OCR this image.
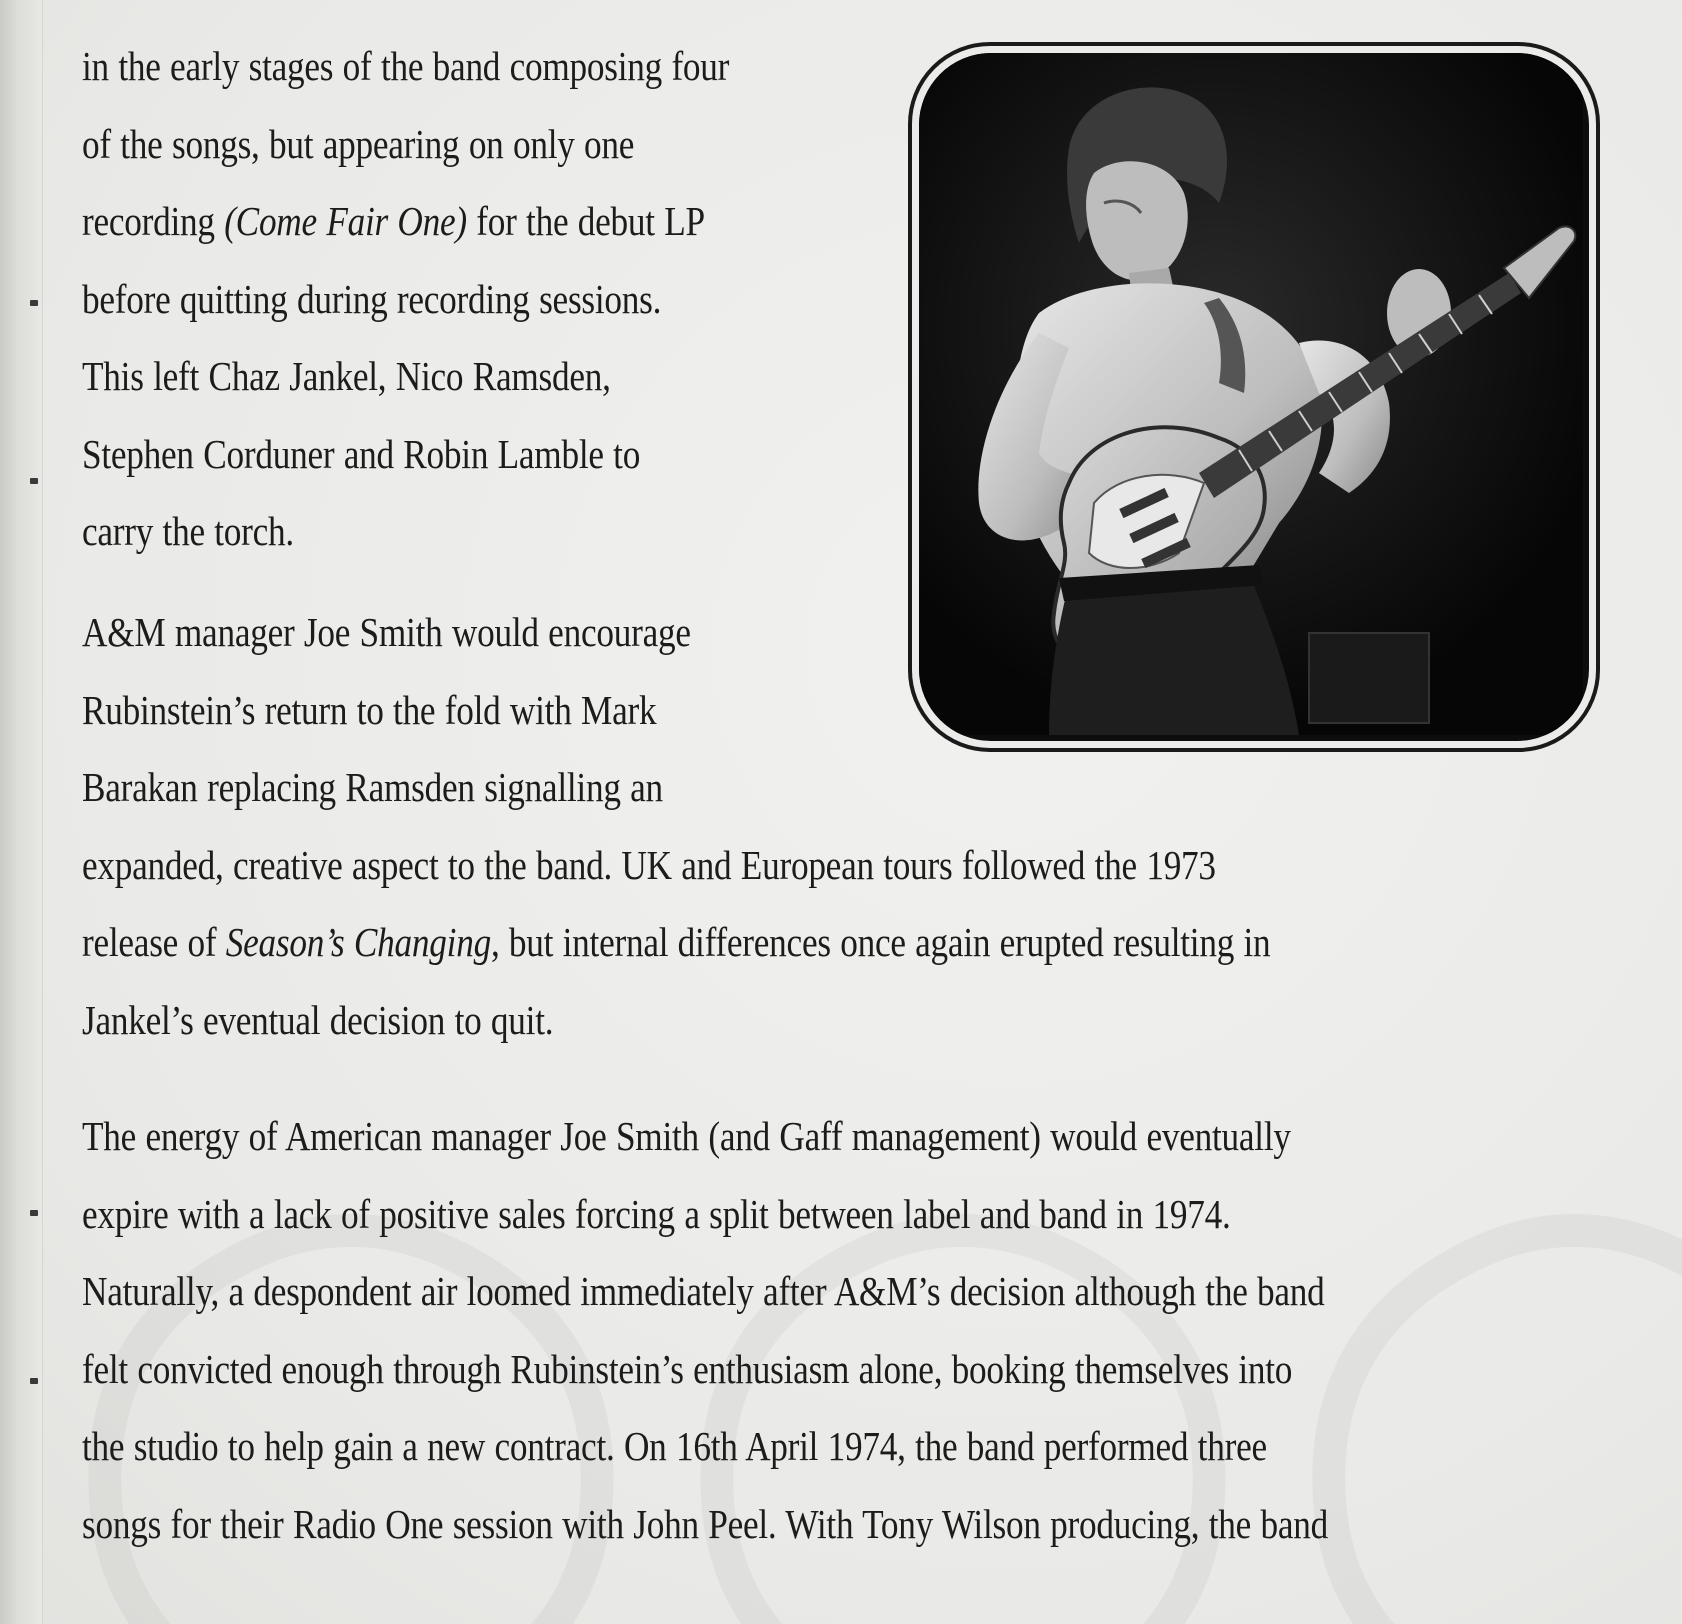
in the early stages of the band composing four
of the songs, but appearing on only one
recording (Come Fair One) for the debut LP
before quitting during recording sessions.
This left Chaz Jankel, Nico Ramsden,
Stephen Corduner and Robin Lamble to
carry the torch.
A&M manager Joe Smith would encourage
Rubinstein’s return to the fold with Mark
Barakan replacing Ramsden signalling an
expanded, creative aspect to the band. UK and European tours followed the 1973
release of Season’s Changing, but internal differences once again erupted resulting in
Jankel’s eventual decision to quit.
The energy of American manager Joe Smith (and Gaff management) would eventually
expire with a lack of positive sales forcing a split between label and band in 1974.
Naturally, a despondent air loomed immediately after A&M’s decision although the band
felt convicted enough through Rubinstein’s enthusiasm alone, booking themselves into
the studio to help gain a new contract. On 16th April 1974, the band performed three
songs for their Radio One session with John Peel. With Tony Wilson producing, the band
